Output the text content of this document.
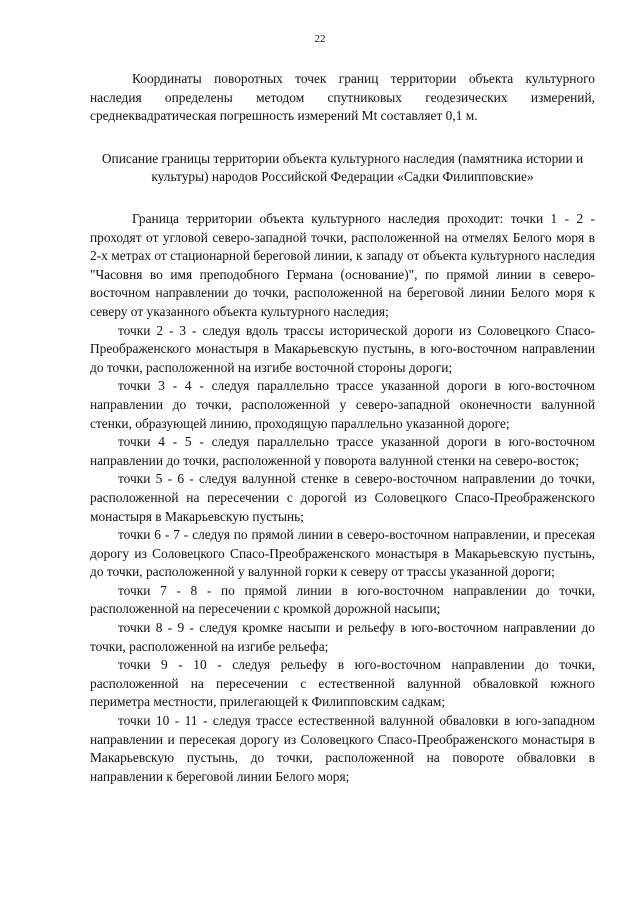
22

Координаты поворотных точек границ территории объекта культурного наследия определены методом спутниковых геодезических измерений, среднеквадратическая погрешность измерений Mt составляет 0,1 м.

Описание границы территории объекта культурного наследия (памятника истории и культуры) народов Российской Федерации «Садки Филипповские»

Граница территории объекта культурного наследия проходит: точки 1 - 2 - проходят от угловой северо-западной точки, расположенной на отмелях Белого моря в 2-х метрах от стационарной береговой линии, к западу от объекта культурного наследия "Часовня во имя преподобного Германа (основание)", по прямой линии в северо-восточном направлении до точки, расположенной на береговой линии Белого моря к северу от указанного объекта культурного наследия;

точки 2 - 3 - следуя вдоль трассы исторической дороги из Соловецкого Спасо-Преображенского монастыря в Макарьевскую пустынь, в юго-восточном направлении до точки, расположенной на изгибе восточной стороны дороги;

точки 3 - 4 - следуя параллельно трассе указанной дороги в юго-восточном направлении до точки, расположенной у северо-западной оконечности валунной стенки, образующей линию, проходящую параллельно указанной дороге;

точки 4 - 5 - следуя параллельно трассе указанной дороги в юго-восточном направлении до точки, расположенной у поворота валунной стенки на северо-восток;

точки 5 - 6 - следуя валунной стенке в северо-восточном направлении до точки, расположенной на пересечении с дорогой из Соловецкого Спасо-Преображенского монастыря в Макарьевскую пустынь;

точки 6 - 7 - следуя по прямой линии в северо-восточном направлении, и пресекая дорогу из Соловецкого Спасо-Преображенского монастыря в Макарьевскую пустынь, до точки, расположенной у валунной горки к северу от трассы указанной дороги;

точки 7 - 8 - по прямой линии в юго-восточном направлении до точки, расположенной на пересечении с кромкой дорожной насыпи;

точки 8 - 9 - следуя кромке насыпи и рельефу в юго-восточном направлении до точки, расположенной на изгибе рельефа;

точки 9 - 10 - следуя рельефу в юго-восточном направлении до точки, расположенной на пересечении с естественной валунной обваловкой южного периметра местности, прилегающей к Филипповским садкам;

точки 10 - 11 - следуя трассе естественной валунной обваловки в юго-западном направлении и пересекая дорогу из Соловецкого Спасо-Преображенского монастыря в Макарьевскую пустынь, до точки, расположенной на повороте обваловки в направлении к береговой линии Белого моря;
